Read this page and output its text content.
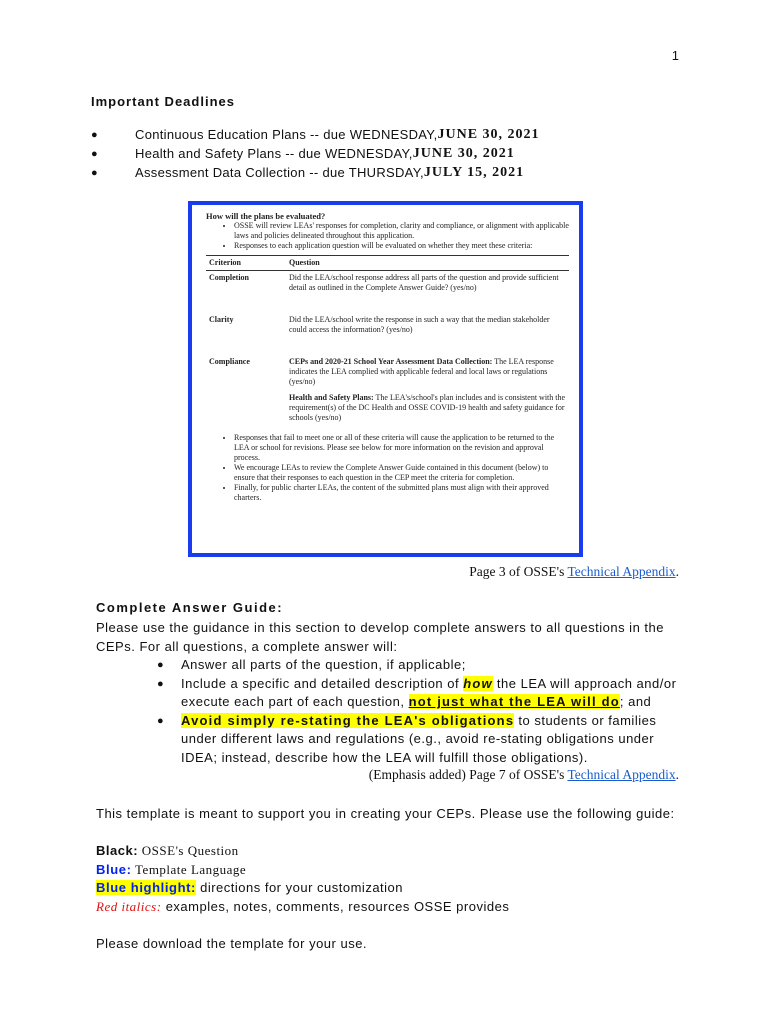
1
Important Deadlines
●	Continuous Education Plans -- due WEDNESDAY, JUNE 30, 2021
●	Health and Safety Plans -- due WEDNESDAY, JUNE 30, 2021
●	Assessment Data Collection -- due THURSDAY, JULY 15, 2021
How will the plans be evaluated?
• OSSE will review LEAs' responses for completion, clarity and compliance, or alignment with applicable laws and policies delineated throughout this application.
• Responses to each application question will be evaluated on whether they meet these criteria:
Criterion	Question
Completion	Did the LEA/school response address all parts of the question and provide sufficient detail as outlined in the Complete Answer Guide? (yes/no)
Clarity	Did the LEA/school write the response in such a way that the median stakeholder could access the information? (yes/no)
Compliance	CEPs and 2020-21 School Year Assessment Data Collection: The LEA response indicates the LEA complied with applicable federal and local laws or regulations (yes/no)
Health and Safety Plans: The LEA's/school's plan includes and is consistent with the requirement(s) of the DC Health and OSSE COVID-19 health and safety guidance for schools (yes/no)
• Responses that fail to meet one or all of these criteria will cause the application to be returned to the LEA or school for revisions. Please see below for more information on the revision and approval process.
• We encourage LEAs to review the Complete Answer Guide contained in this document (below) to ensure that their responses to each question in the CEP meet the criteria for completion.
• Finally, for public charter LEAs, the content of the submitted plans must align with their approved charters.
Page 3 of OSSE's Technical Appendix.
Complete Answer Guide:
Please use the guidance in this section to develop complete answers to all questions in the CEPs. For all questions, a complete answer will:
●	Answer all parts of the question, if applicable;
●	Include a specific and detailed description of how the LEA will approach and/or execute each part of each question, not just what the LEA will do; and
●	Avoid simply re-stating the LEA's obligations to students or families under different laws and regulations (e.g., avoid re-stating obligations under IDEA; instead, describe how the LEA will fulfill those obligations).
(Emphasis added) Page 7 of OSSE's Technical Appendix.
This template is meant to support you in creating your CEPs. Please use the following guide:
Black: OSSE's Question
Blue: Template Language
Blue highlight: directions for your customization
Red italics: examples, notes, comments, resources OSSE provides
Please download the template for your use.
